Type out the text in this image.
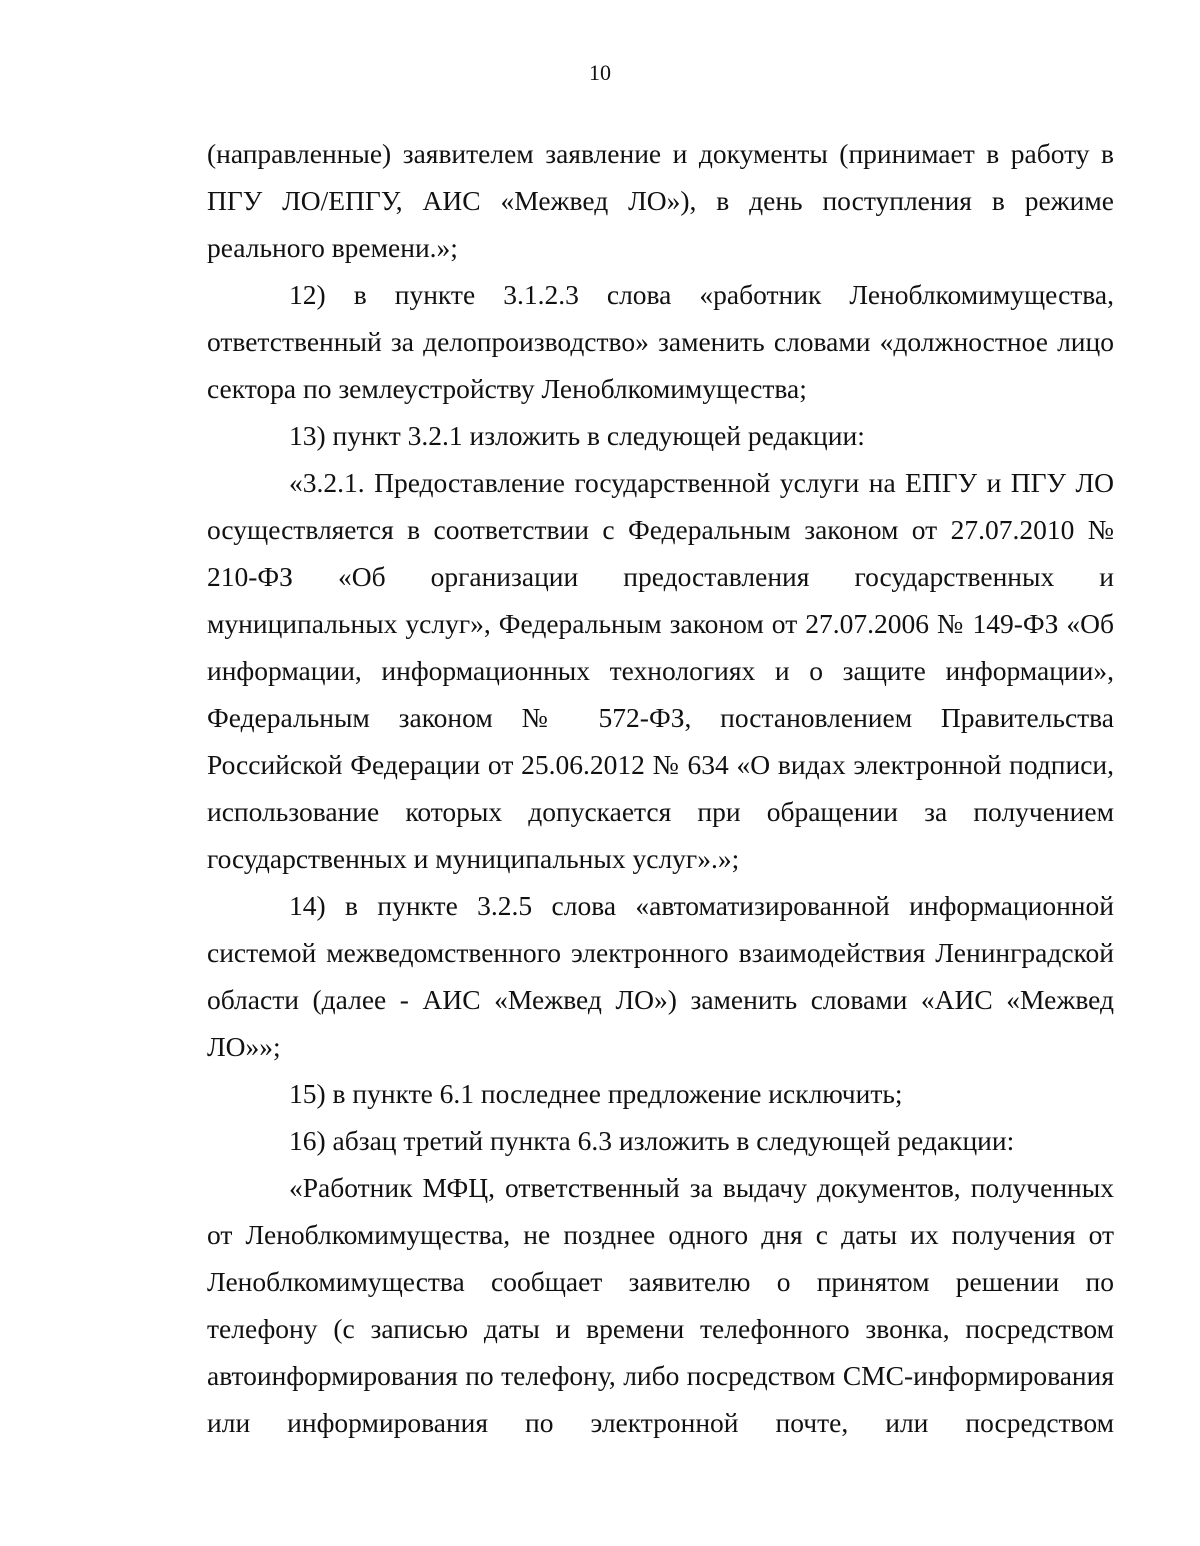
10

(направленные) заявителем заявление и документы (принимает в работу в ПГУ ЛО/ЕПГУ, АИС «Межвед ЛО»), в день поступления в режиме реального времени.»;

12) в пункте 3.1.2.3 слова «работник Леноблкомимущества, ответственный за делопроизводство» заменить словами «должностное лицо сектора по землеустройству Леноблкомимущества;

13) пункт 3.2.1 изложить в следующей редакции:

«3.2.1. Предоставление государственной услуги на ЕПГУ и ПГУ ЛО осуществляется в соответствии с Федеральным законом от 27.07.2010 № 210-ФЗ «Об организации предоставления государственных и муниципальных услуг», Федеральным законом от 27.07.2006 № 149-ФЗ «Об информации, информационных технологиях и о защите информации», Федеральным законом № 572-ФЗ, постановлением Правительства Российской Федерации от 25.06.2012 № 634 «О видах электронной подписи, использование которых допускается при обращении за получением государственных и муниципальных услуг».»;

14) в пункте 3.2.5 слова «автоматизированной информационной системой межведомственного электронного взаимодействия Ленинградской области (далее - АИС «Межвед ЛО») заменить словами «АИС «Межвед ЛО»»;

15) в пункте 6.1 последнее предложение исключить;

16) абзац третий пункта 6.3 изложить в следующей редакции:

«Работник МФЦ, ответственный за выдачу документов, полученных от Леноблкомимущества, не позднее одного дня с даты их получения от Леноблкомимущества сообщает заявителю о принятом решении по телефону (с записью даты и времени телефонного звонка, посредством автоинформирования по телефону, либо посредством СМС-информирования или информирования по электронной почте, или посредством
